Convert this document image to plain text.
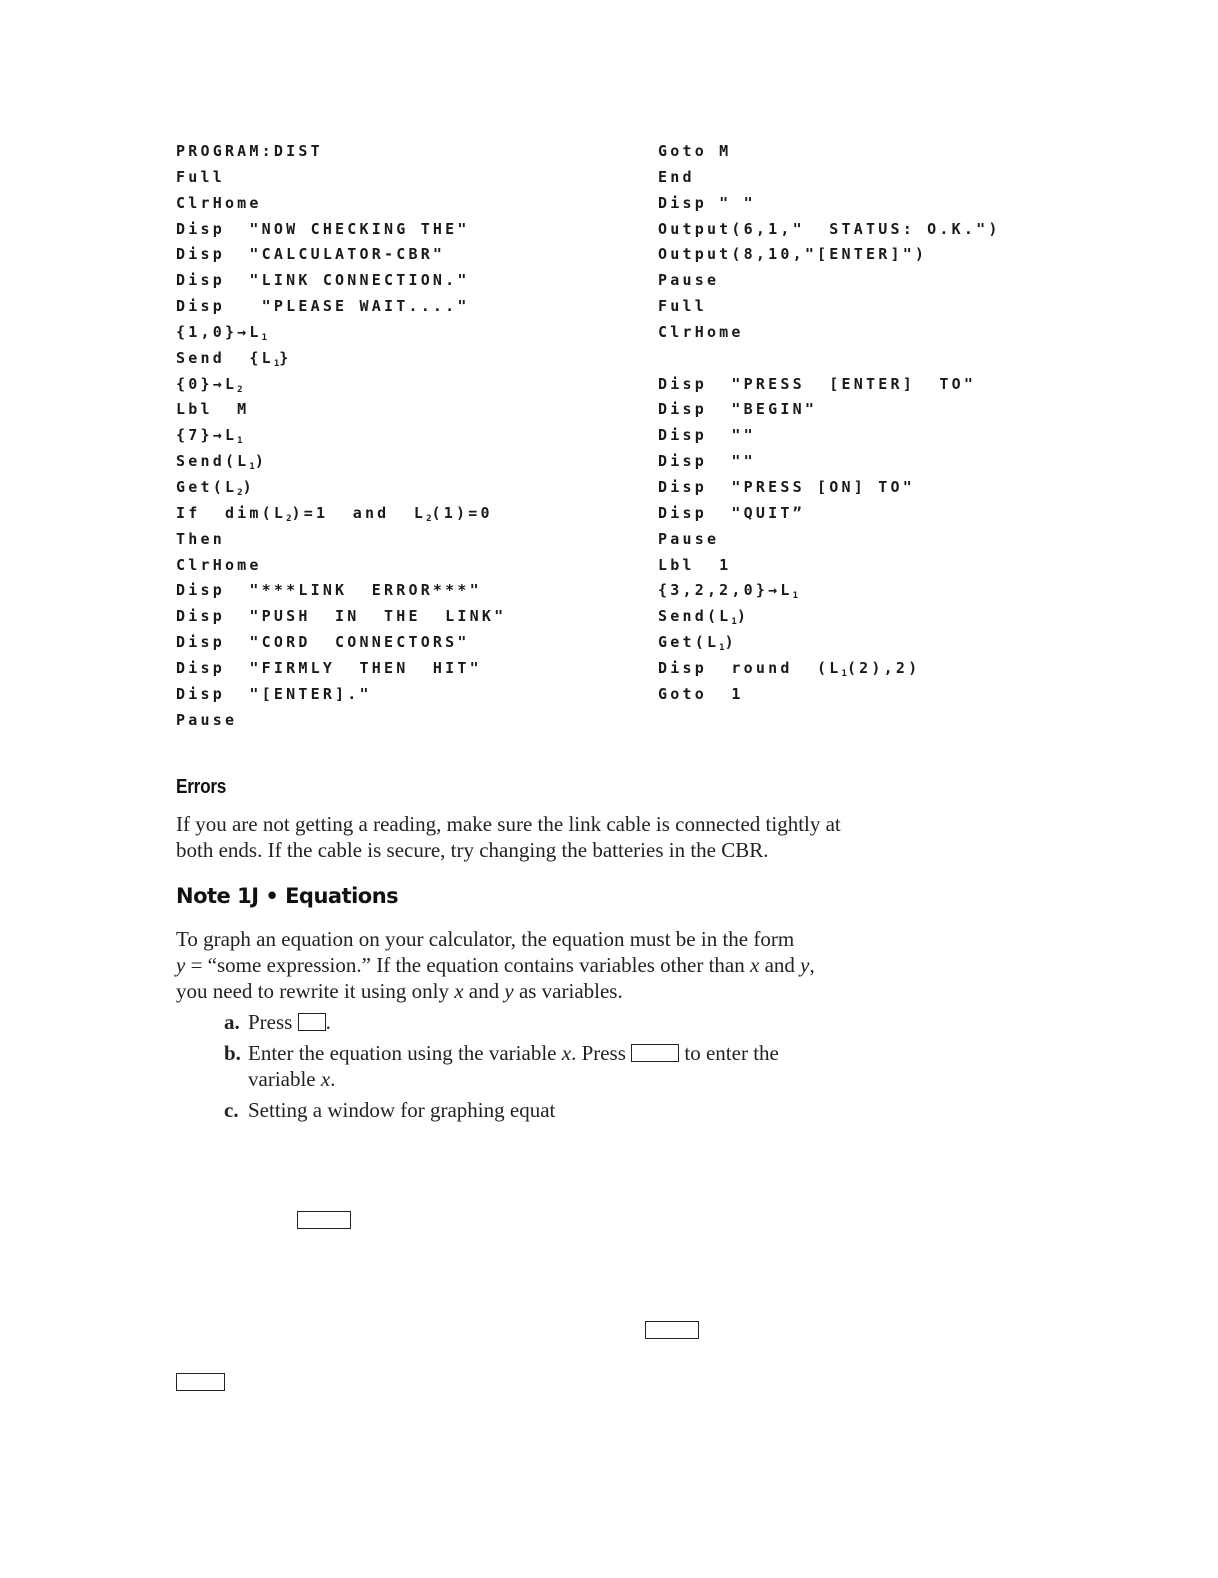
PROGRAM:DIST
Full
ClrHome
Disp "NOW CHECKING THE"
Disp "CALCULATOR-CBR"
Disp "LINK CONNECTION."
Disp "PLEASE WAIT...."
$\{1,0\}\to L_1$
Send $\{L_1\}$
$\{0\}\to L_2$
Lbl M
$\{7\}\to L_1$
$Send(L_1)$
$Get(L_2)$
If $dim(L_2)=1$ and $L_2(1)=0$
Then
ClrHome
Disp "***LINK ERROR***"
Disp "PUSH IN THE LINK"
Disp "CORD CONNECTORS"
Disp "FIRMLY THEN HIT"
Disp "[ENTER]."
Pause
Goto M
End
Disp " "
Output(6,1," STATUS: O.K.")
Output(8,10,"[ENTER]")
Pause
Full
ClrHome
Disp "PRESS [ENTER] TO"
Disp "BEGIN"
Disp ""
Disp ""
Disp "PRESS [ON] TO"
Disp "QUIT”
Pause
Lbl 1
$\{3,2,2,0\}\to L_1$
$Send(L_1)$
$Get(L_1)$
Disp round $(L_1(2),2)$
Goto 1
Errors

If you are not getting a reading, make sure the link cable is connected tightly at both ends. If the cable is secure, try changing the batteries in the CBR.

Note 1J • Equations

To graph an equation on your calculator, the equation must be in the form
y = “some expression.” If the equation contains variables other than x and y,
you need to rewrite it using only x and y as variables.

a. Press .
b. Enter the equation using the variable x. Press	to enter the variable x.
c. Setting a window for graphing equat
